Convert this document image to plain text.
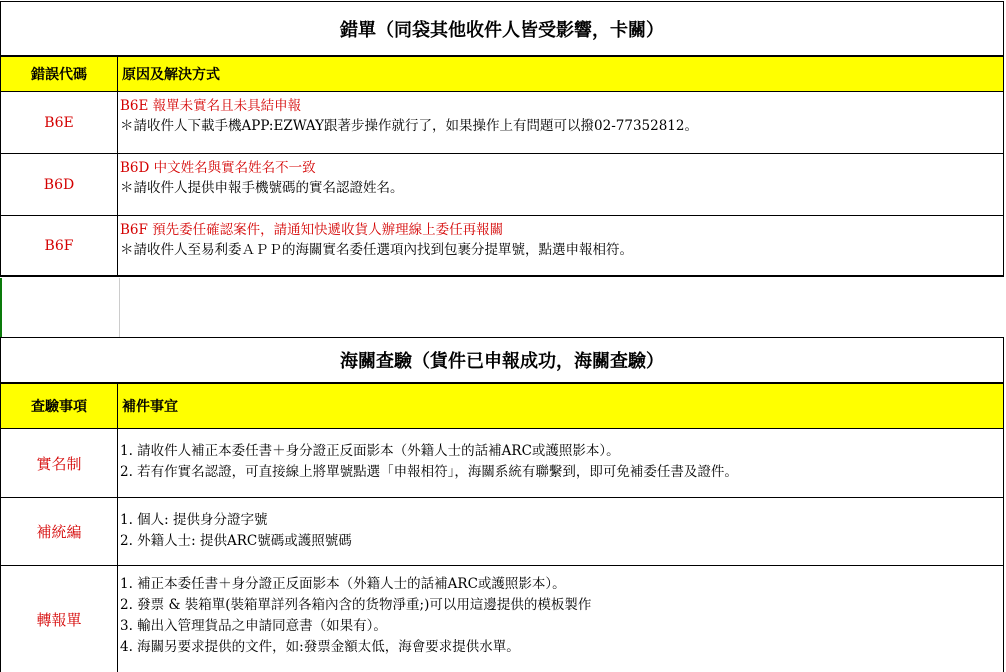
錯單（同袋其他收件人皆受影響，卡關）
錯誤代碼	原因及解決方式
B6E
B6E 報單未實名且未具結申報
＊請收件人下載手機APP:EZWAY跟著步操作就行了，如果操作上有問題可以撥02-77352812。
B6D
B6D 中文姓名與實名姓名不一致
＊請收件人提供申報手機號碼的實名認證姓名。
B6F
B6F 預先委任確認案件，請通知快遞收貨人辦理線上委任再報關
＊請收件人至易利委ＡＰＰ的海關實名委任選項內找到包裹分提單號，點選申報相符。
海關查驗（貨件已申報成功，海關查驗）
查驗事項	補件事宜
實名制
1. 請收件人補正本委任書＋身分證正反面影本（外籍人士的話補ARC或護照影本）。
2. 若有作實名認證，可直接線上將單號點選「申報相符」，海關系統有聯繫到，即可免補委任書及證件。
補統編
1. 個人: 提供身分證字號
2. 外籍人士: 提供ARC號碼或護照號碼
轉報單
1. 補正本委任書＋身分證正反面影本（外籍人士的話補ARC或護照影本）。
2. 發票 & 裝箱單(裝箱單詳列各箱內含的货物淨重;)可以用這邊提供的模板製作
3. 輸出入管理貨品之申請同意書（如果有）。
4. 海關另要求提供的文件，如:發票金額太低，海會要求提供水單。
